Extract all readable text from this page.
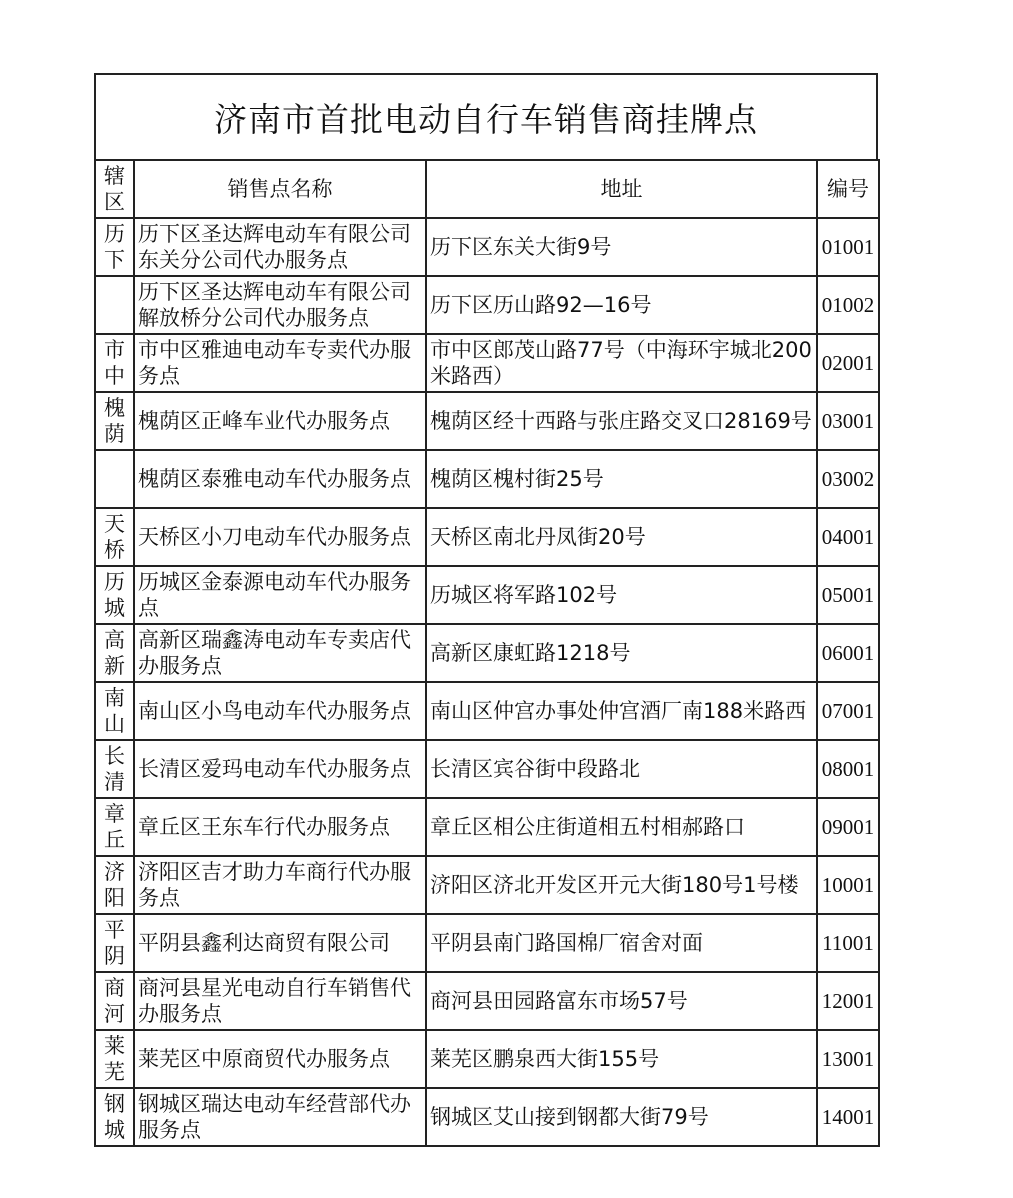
济南市首批电动自行车销售商挂牌点
辖区	销售点名称	地址	编号

历下	历下区圣达辉电动车有限公司东关分公司代办服务点	历下区东关大街9号	01001

	历下区圣达辉电动车有限公司解放桥分公司代办服务点	历下区历山路92—16号	01002

市中	市中区雅迪电动车专卖代办服务点	市中区郎茂山路77号（中海环宇城北200米路西）	02001

槐荫	槐荫区正峰车业代办服务点	槐荫区经十西路与张庄路交叉口28169号	03001

	槐荫区泰雅电动车代办服务点	槐荫区槐村街25号	03002

天桥	天桥区小刀电动车代办服务点	天桥区南北丹凤街20号	04001

历城	历城区金泰源电动车代办服务点	历城区将军路102号	05001

高新	高新区瑞鑫涛电动车专卖店代办服务点	高新区康虹路1218号	06001

南山	南山区小鸟电动车代办服务点	南山区仲宫办事处仲宫酒厂南188米路西	07001

长清	长清区爱玛电动车代办服务点	长清区宾谷街中段路北	08001

章丘	章丘区王东车行代办服务点	章丘区相公庄街道相五村相郝路口	09001

济阳	济阳区吉才助力车商行代办服务点	济阳区济北开发区开元大街180号1号楼	10001

平阴	平阴县鑫利达商贸有限公司	平阴县南门路国棉厂宿舍对面	11001

商河	商河县星光电动自行车销售代办服务点	商河县田园路富东市场57号	12001

莱芜	莱芜区中原商贸代办服务点	莱芜区鹏泉西大街155号	13001

钢城	钢城区瑞达电动车经营部代办服务点	钢城区艾山接到钢都大街79号	14001
